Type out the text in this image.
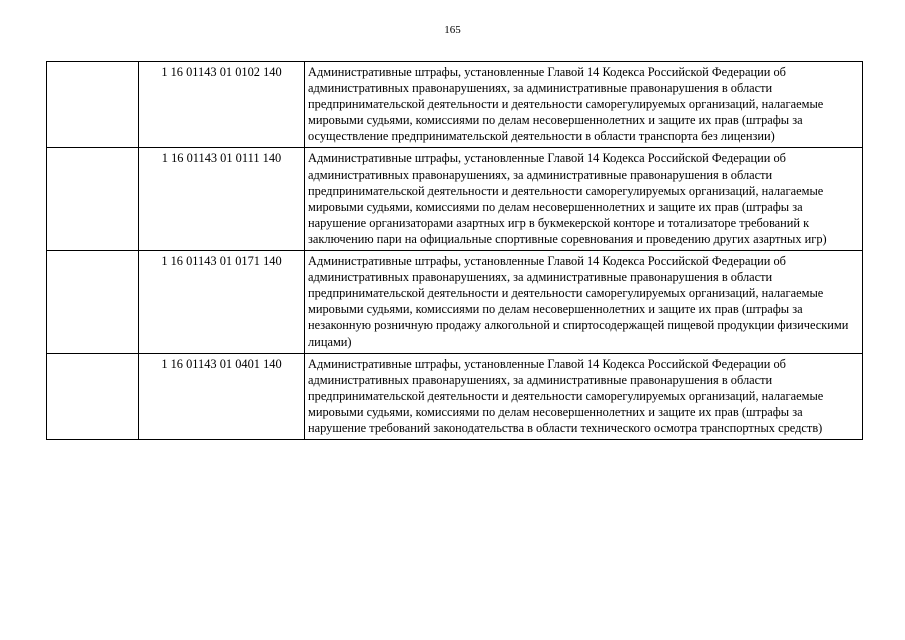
165
	1 16 01143 01 0102 140	Административные штрафы, установленные Главой 14 Кодекса Российской Федерации об административных правонарушениях, за административные правонарушения в области предпринимательской деятельности и деятельности саморегулируемых организаций, налагаемые мировыми судьями, комиссиями по делам несовершеннолетних и защите их прав (штрафы за осуществление предпринимательской деятельности в области транспорта без лицензии)
	1 16 01143 01 0111 140	Административные штрафы, установленные Главой 14 Кодекса Российской Федерации об административных правонарушениях, за административные правонарушения в области предпринимательской деятельности и деятельности саморегулируемых организаций, налагаемые мировыми судьями, комиссиями по делам несовершеннолетних и защите их прав (штрафы за нарушение организаторами азартных игр в букмекерской конторе и тотализаторе требований к заключению пари на официальные спортивные соревнования и проведению других азартных игр)
	1 16 01143 01 0171 140	Административные штрафы, установленные Главой 14 Кодекса Российской Федерации об административных правонарушениях, за административные правонарушения в области предпринимательской деятельности и деятельности саморегулируемых организаций, налагаемые мировыми судьями, комиссиями по делам несовершеннолетних и защите их прав (штрафы за незаконную розничную продажу алкогольной и спиртосодержащей пищевой продукции физическими лицами)
	1 16 01143 01 0401 140	Административные штрафы, установленные Главой 14 Кодекса Российской Федерации об административных правонарушениях, за административные правонарушения в области предпринимательской деятельности и деятельности саморегулируемых организаций, налагаемые мировыми судьями, комиссиями по делам несовершеннолетних и защите их прав (штрафы за нарушение требований законодательства в области технического осмотра транспортных средств)
